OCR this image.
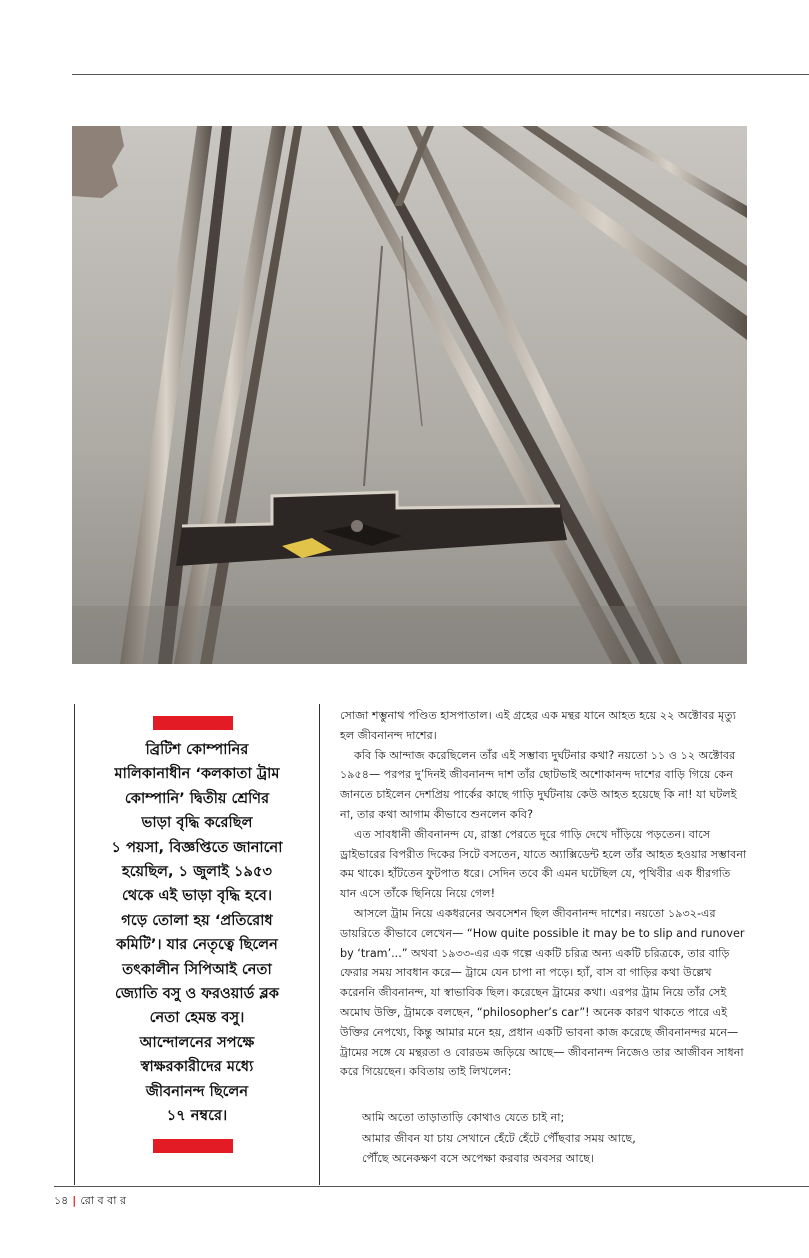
ব্রিটিশ কোম্পানির
মালিকানাধীন ‘কলকাতা ট্রাম
কোম্পানি’ দ্বিতীয় শ্রেণির
ভাড়া বৃদ্ধি করেছিল
১ পয়সা, বিজ্ঞপ্তিতে জানানো
হয়েছিল, ১ জুলাই ১৯৫৩
থেকে এই ভাড়া বৃদ্ধি হবে।
গড়ে তোলা হয় ‘প্রতিরোধ
কমিটি’। যার নেতৃত্বে ছিলেন
তৎকালীন সিপিআই নেতা
জ্যোতি বসু ও ফরওয়ার্ড ব্লক
নেতা হেমন্ত বসু।
আন্দোলনের সপক্ষে
স্বাক্ষরকারীদের মধ্যে
জীবনানন্দ ছিলেন
১৭ নম্বরে।

সোজা শম্ভুনাথ পণ্ডিত হাসপাতাল। এই গ্রহের এক মন্থর যানে আহত হয়ে ২২ অক্টোবর মৃত্যু হল জীবনানন্দ দাশের।

কবি কি আন্দাজ করেছিলেন তাঁর এই সম্ভাব্য দুর্ঘটনার কথা? নয়তো ১১ ও ১২ অক্টোবর ১৯৫৪— পরপর দু’দিনই জীবনানন্দ দাশ তাঁর ছোটভাই অশোকানন্দ দাশের বাড়ি গিয়ে কেন জানতে চাইলেন দেশপ্রিয় পার্কের কাছে গাড়ি দুর্ঘটনায় কেউ আহত হয়েছে কি না! যা ঘটলই না, তার কথা আগাম কীভাবে শুনলেন কবি?

এত সাবধানী জীবনানন্দ যে, রাস্তা পেরতে দূরে গাড়ি দেখে দাঁড়িয়ে পড়তেন। বাসে ড্রাইভারের বিপরীত দিকের সিটে বসতেন, যাতে অ্যাক্সিডেন্ট হলে তাঁর আহত হওয়ার সম্ভাবনা কম থাকে। হাঁটতেন ফুটপাত ধরে। সেদিন তবে কী এমন ঘটেছিল যে, পৃথিবীর এক ধীরগতি যান এসে তাঁকে ছিনিয়ে নিয়ে গেল!

আসলে ট্রাম নিয়ে একধরনের অবসেশন ছিল জীবনানন্দ দাশের। নয়তো ১৯৩২-এর ডায়রিতে কীভাবে লেখেন— “How quite possible it may be to slip and runover by ‘tram’...” অথবা ১৯৩৩-এর এক গল্পে একটি চরিত্র অন্য একটি চরিত্রকে, তার বাড়ি ফেরার সময় সাবধান করে— ট্রামে যেন চাপা না পড়ে। হ্যাঁ, বাস বা গাড়ির কথা উল্লেখ করেননি জীবনানন্দ, যা স্বাভাবিক ছিল। করেছেন ট্রামের কথা। এরপর ট্রাম নিয়ে তাঁর সেই অমোঘ উক্তি, ট্রামকে বলছেন, “philosopher’s car”! অনেক কারণ থাকতে পারে এই উক্তির নেপথ্যে, কিন্তু আমার মনে হয়, প্রধান একটি ভাবনা কাজ করেছে জীবনানন্দর মনে— ট্রামের সঙ্গে যে মন্থরতা ও বোরডম জড়িয়ে আছে— জীবনানন্দ নিজেও তার আজীবন সাধনা করে গিয়েছেন। কবিতায় তাই লিখলেন:

আমি অতো তাড়াতাড়ি কোথাও যেতে চাই না;
আমার জীবন যা চায় সেখানে হেঁটে হেঁটে পৌঁছবার সময় আছে,
পৌঁছে অনেকক্ষণ বসে অপেক্ষা করবার অবসর আছে।
১৪ | রো ব বা র
